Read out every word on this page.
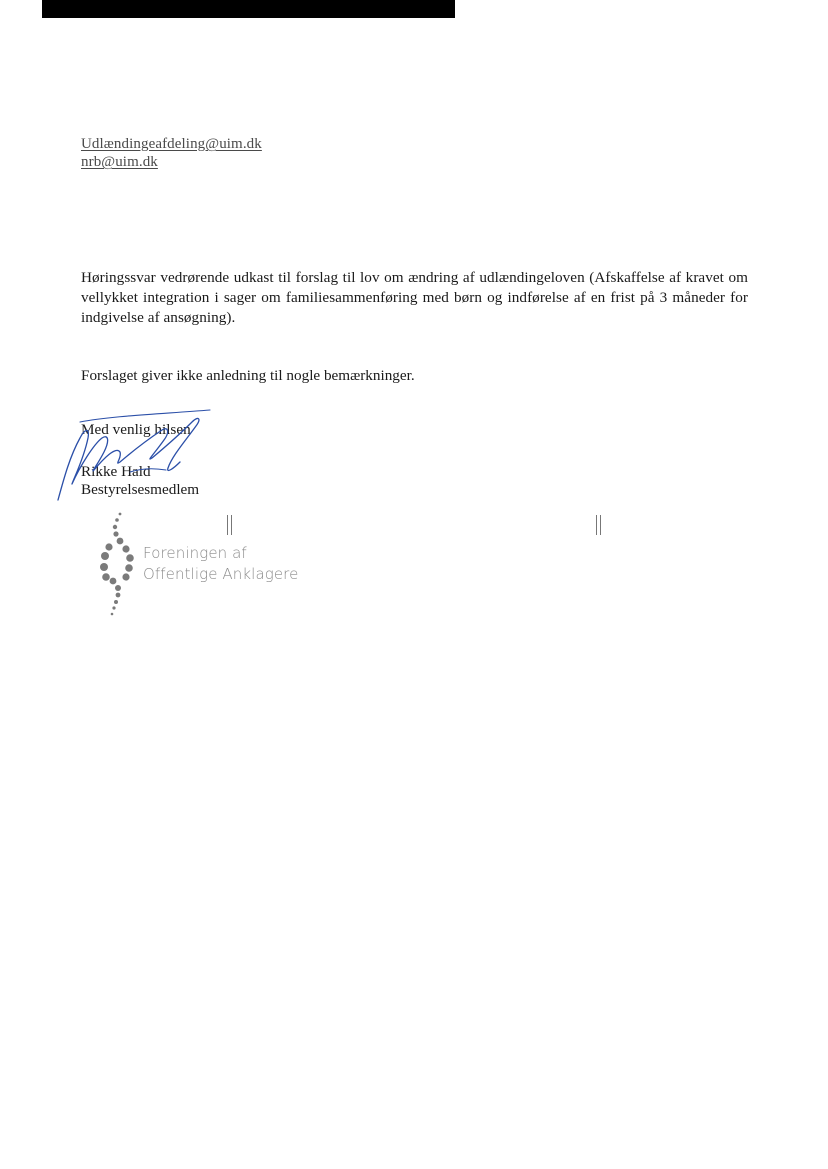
Udlændingeafdeling@uim.dk
nrb@uim.dk
Høringssvar vedrørende udkast til forslag til lov om ændring af udlændingeloven (Afskaffelse af kravet om vellykket integration i sager om familiesammenføring med børn og indførelse af en frist på 3 måneder for indgivelse af ansøgning).
Forslaget giver ikke anledning til nogle bemærkninger.
Med venlig hilsen
Rikke Hald
Bestyrelsesmedlem
Foreningen af
Offentlige Anklagere
